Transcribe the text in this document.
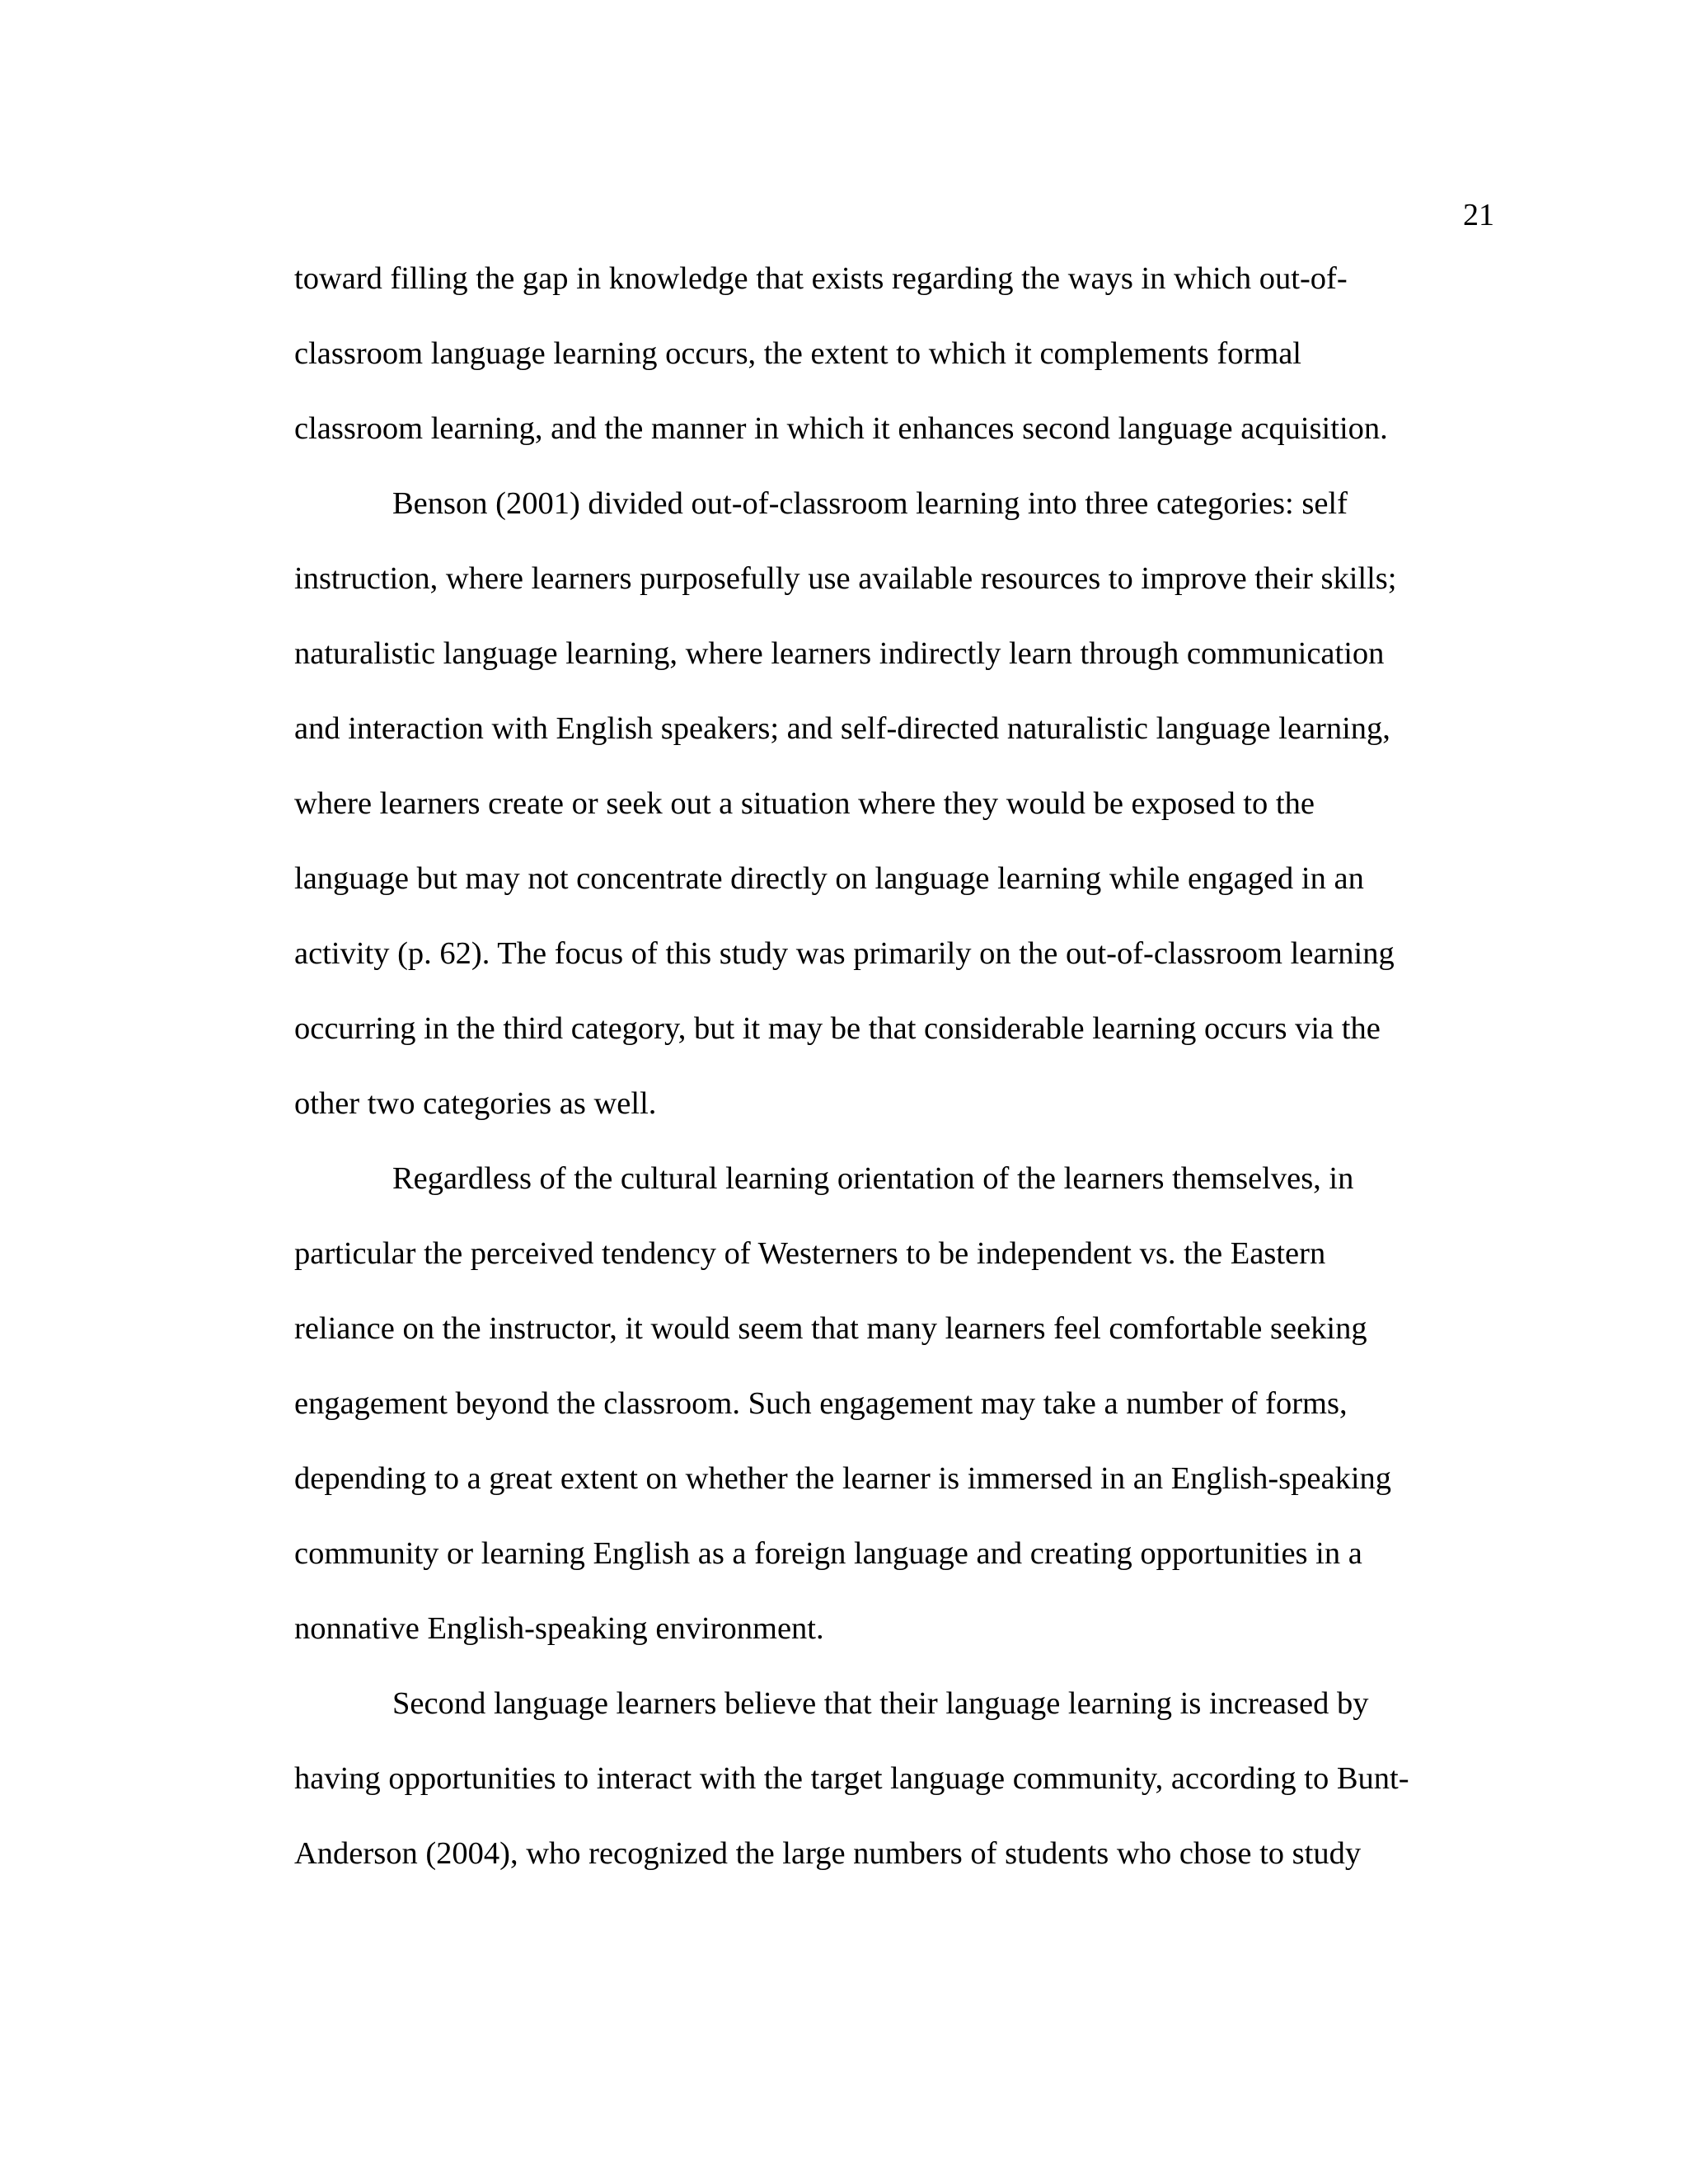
21
toward filling the gap in knowledge that exists regarding the ways in which out-of-
classroom language learning occurs, the extent to which it complements formal
classroom learning, and the manner in which it enhances second language acquisition.
Benson (2001) divided out-of-classroom learning into three categories: self
instruction, where learners purposefully use available resources to improve their skills;
naturalistic language learning, where learners indirectly learn through communication
and interaction with English speakers; and self-directed naturalistic language learning,
where learners create or seek out a situation where they would be exposed to the
language but may not concentrate directly on language learning while engaged in an
activity (p. 62). The focus of this study was primarily on the out-of-classroom learning
occurring in the third category, but it may be that considerable learning occurs via the
other two categories as well.
Regardless of the cultural learning orientation of the learners themselves, in
particular the perceived tendency of Westerners to be independent vs. the Eastern
reliance on the instructor, it would seem that many learners feel comfortable seeking
engagement beyond the classroom. Such engagement may take a number of forms,
depending to a great extent on whether the learner is immersed in an English-speaking
community or learning English as a foreign language and creating opportunities in a
nonnative English-speaking environment.
Second language learners believe that their language learning is increased by
having opportunities to interact with the target language community, according to Bunt-
Anderson (2004), who recognized the large numbers of students who chose to study
